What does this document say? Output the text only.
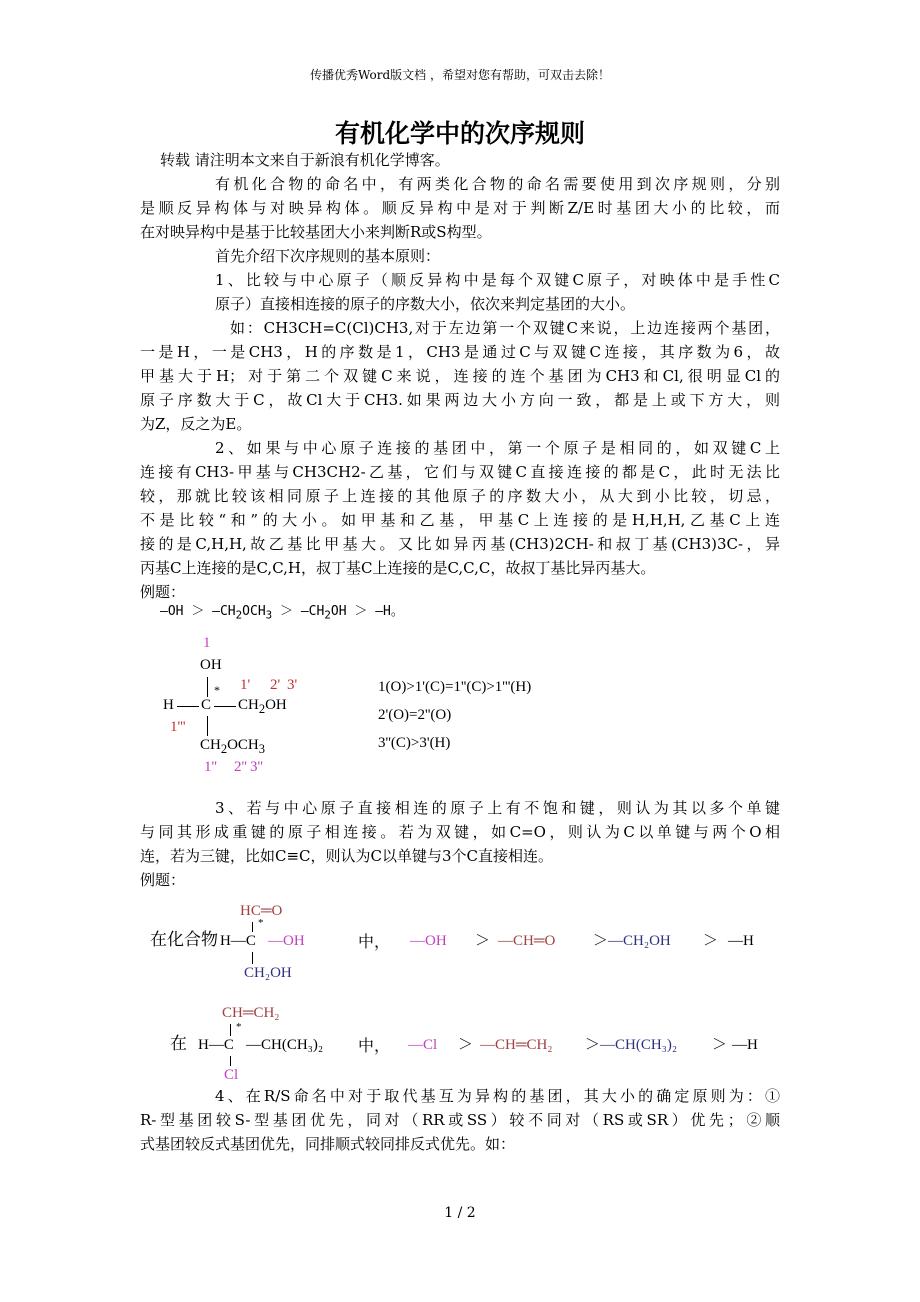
传播优秀Word版文档 ，希望对您有帮助，可双击去除！
有机化学中的次序规则
转载 请注明本文来自于新浪有机化学博客。
有机化合物的命名中，有两类化合物的命名需要使用到次序规则，分别
是顺反异构体与对映异构体。顺反异构中是对于判断Z/E时基团大小的比较，而
在对映异构中是基于比较基团大小来判断R或S构型。
首先介绍下次序规则的基本原则：
1、比较与中心原子（顺反异构中是每个双键C原子，对映体中是手性C
原子）直接相连接的原子的序数大小，依次来判定基团的大小。
如：CH3CH=C(Cl)CH3,对于左边第一个双键C来说，上边连接两个基团，
一是H，一是CH3，H的序数是1，CH3是通过C与双键C连接，其序数为6，故
甲基大于H；对于第二个双键C来说，连接的连个基团为CH3和Cl,很明显Cl的
原子序数大于C，故Cl大于CH3.如果两边大小方向一致，都是上或下方大，则
为Z，反之为E。
2、如果与中心原子连接的基团中，第一个原子是相同的，如双键C上
连接有CH3-甲基与CH3CH2-乙基，它们与双键C直接连接的都是C，此时无法比
较，那就比较该相同原子上连接的其他原子的序数大小，从大到小比较，切忌，
不是比较“和”的大小。如甲基和乙基，甲基C上连接的是H,H,H,乙基C上连
接的是C,H,H,故乙基比甲基大。又比如异丙基(CH3)2CH-和叔丁基(CH3)3C-，异
丙基C上连接的是C,C,H，叔丁基C上连接的是C,C,C，故叔丁基比异丙基大。
例题：
—OH ＞ $—CH_2OCH_3$ ＞ $—CH_2OH$ ＞ —H。
1
OH
1' 2' 3'
H C
*
$CH_2OH$
1'''
$CH_2OCH_3$
1'' 2'' 3''
1(O)>1'(C)=1''(C)>1'''(H)
2'(O)=2''(O)
3''(C)>3'(H)
3、若与中心原子直接相连的原子上有不饱和键，则认为其以多个单键
与同其形成重键的原子相连接。若为双键，如C=O，则认为C以单键与两个O相
连，若为三键，比如C≡C，则认为C以单键与3个C直接相连。
例题：
在化合物
HC═O
H—C
*
—OH
CH₂OH
中， —OH ＞ —CH═O	＞ —CH₂OH ＞ —H
CH═CH₂
在 H—C
*
—CH(CH₃)₂
Cl
中， —Cl ＞ —CH═CH₂ ＞ —CH(CH₃)₂ ＞ —H
4、在R/S命名中对于取代基互为异构的基团，其大小的确定原则为：①
R-型基团较S-型基团优先，同对（RR或SS）较不同对（RS或SR）优先；②顺
式基团较反式基团优先，同排顺式较同排反式优先。如：
1 / 2
